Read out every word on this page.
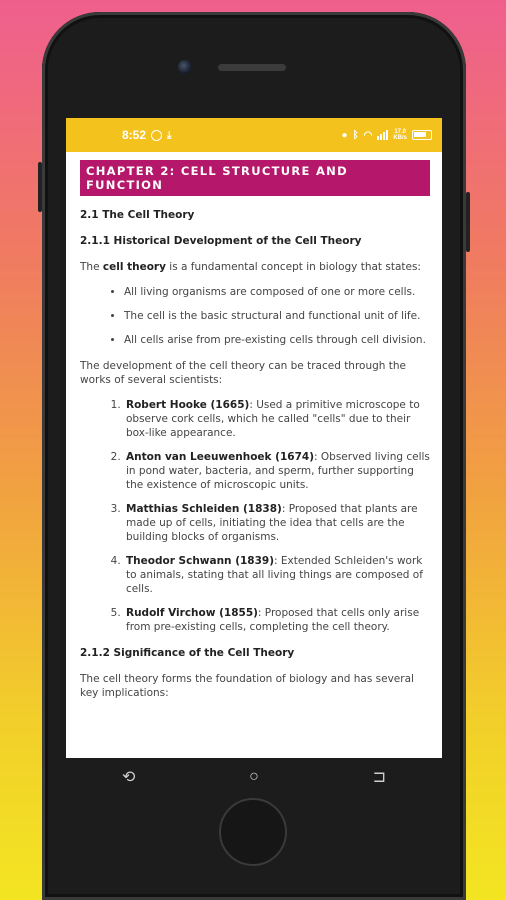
8:52 ⤓	● ᛒ ◠	17.0
KB/s
CHAPTER 2: CELL STRUCTURE AND FUNCTION
2.1 The Cell Theory
2.1.1 Historical Development of the Cell Theory

The cell theory is a fundamental concept in biology that states:

• All living organisms are composed of one or more cells.
• The cell is the basic structural and functional unit of life.
• All cells arise from pre-existing cells through cell division.

The development of the cell theory can be traced through the works of several scientists:

1. Robert Hooke (1665): Used a primitive microscope to observe cork cells, which he called "cells" due to their box-like appearance.
2. Anton van Leeuwenhoek (1674): Observed living cells in pond water, bacteria, and sperm, further supporting the existence of microscopic units.
3. Matthias Schleiden (1838): Proposed that plants are made up of cells, initiating the idea that cells are the building blocks of organisms.
4. Theodor Schwann (1839): Extended Schleiden's work to animals, stating that all living things are composed of cells.
5. Rudolf Virchow (1855): Proposed that cells only arise from pre-existing cells, completing the cell theory.
2.1.2 Significance of the Cell Theory

The cell theory forms the foundation of biology and has several key implications:

⟲	○	⊐
